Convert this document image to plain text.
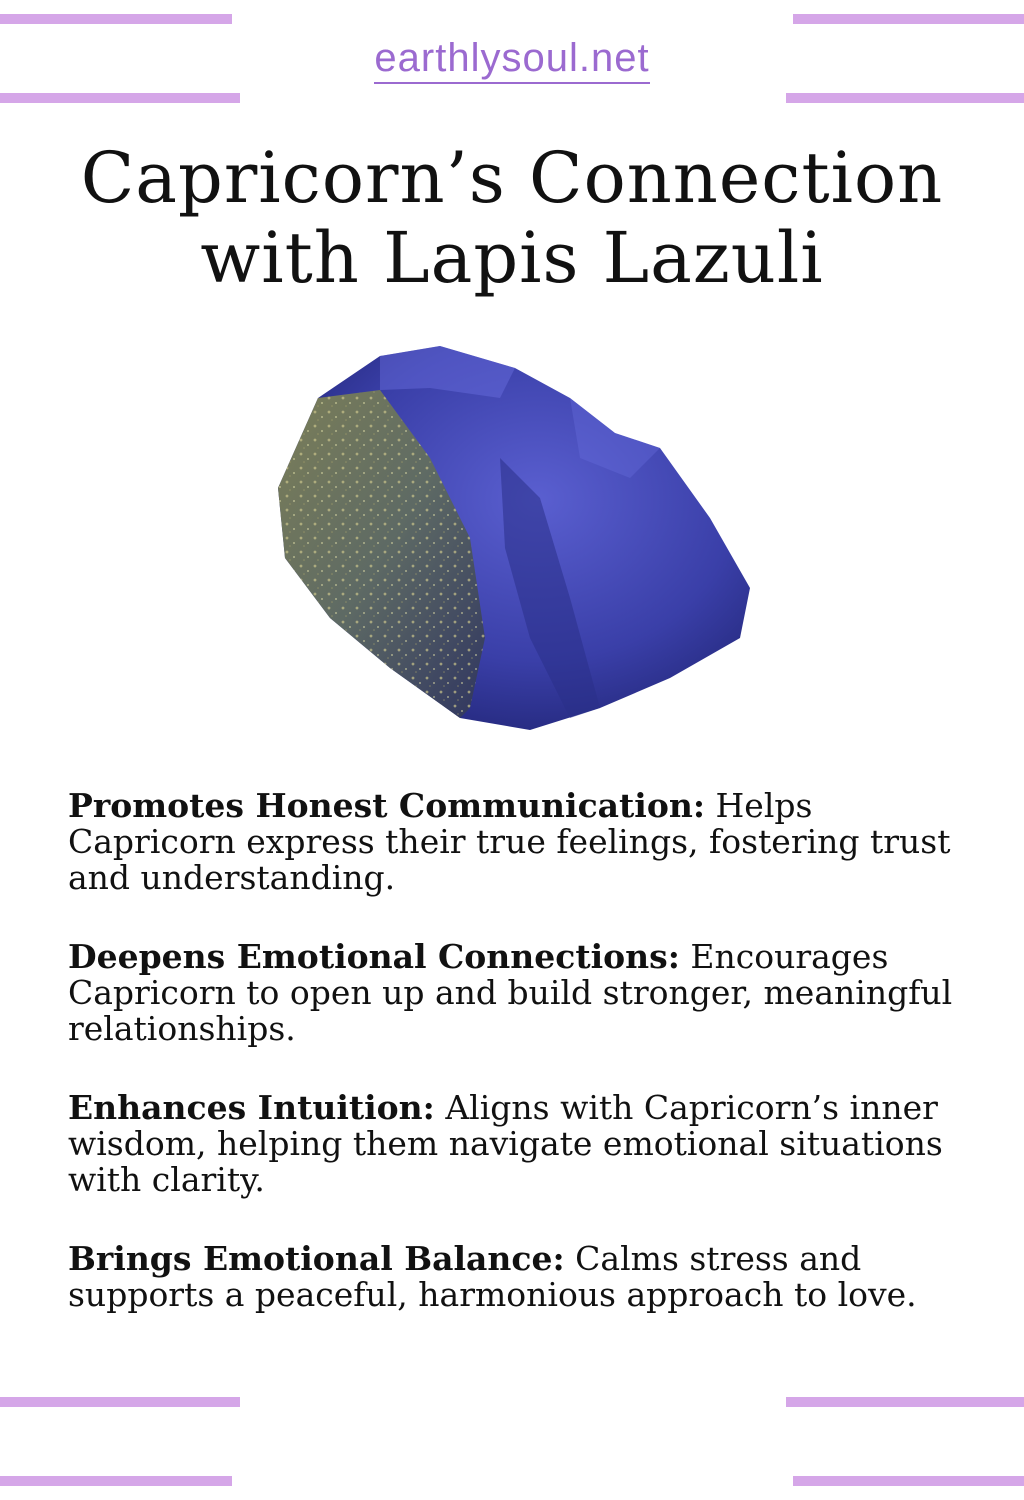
earthlysoul.net
Capricorn’s Connection
with Lapis Lazuli

Promotes Honest Communication: Helps Capricorn express their true feelings, fostering trust and understanding.

Deepens Emotional Connections: Encourages Capricorn to open up and build stronger, meaningful relationships.

Enhances Intuition: Aligns with Capricorn’s inner wisdom, helping them navigate emotional situations with clarity.

Brings Emotional Balance: Calms stress and supports a peaceful, harmonious approach to love.
